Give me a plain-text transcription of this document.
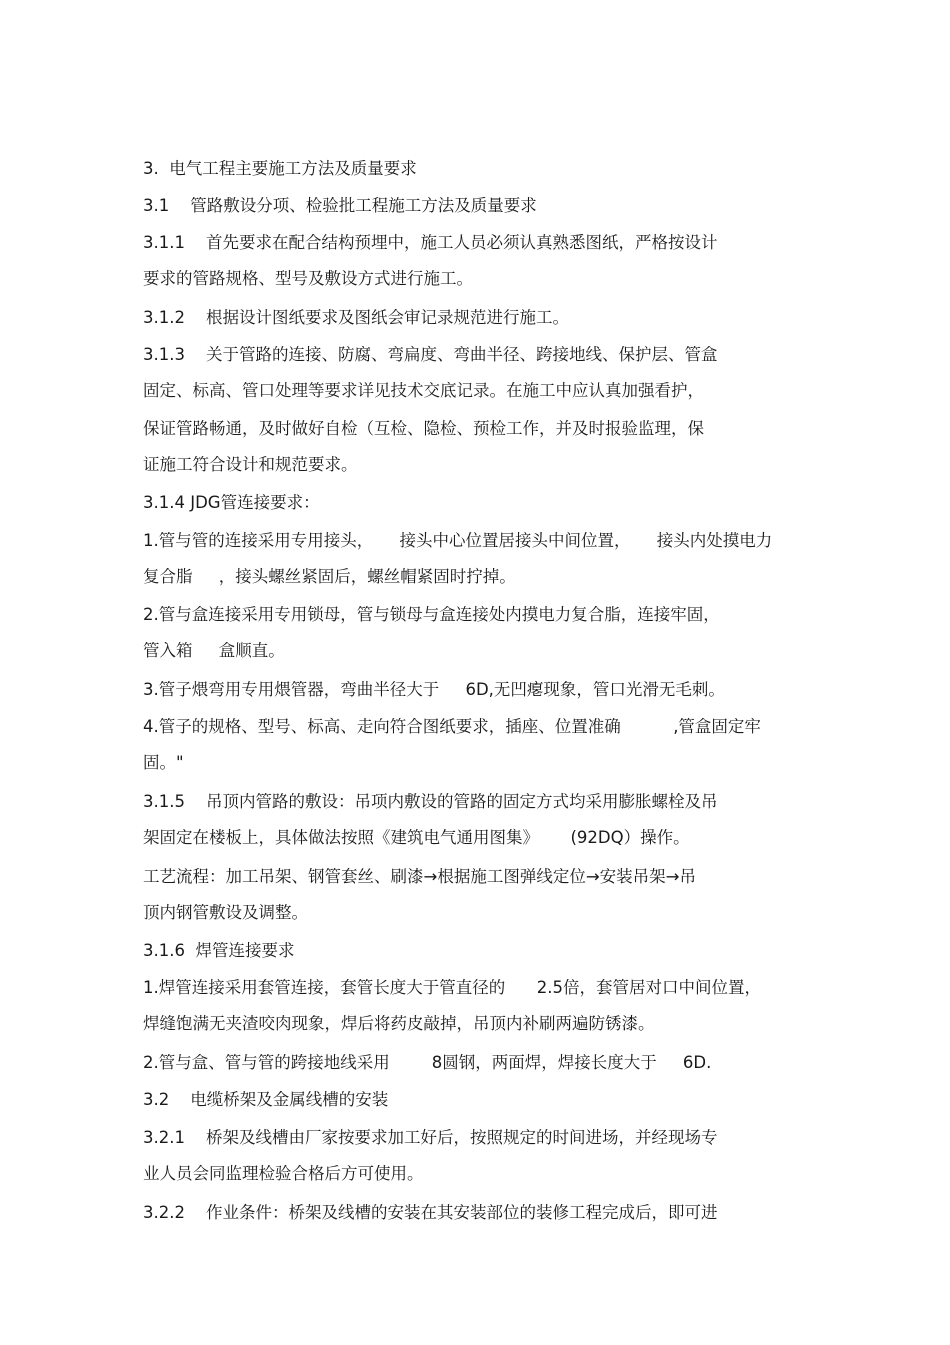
3.  电气工程主要施工方法及质量要求
3.1    管路敷设分项、检验批工程施工方法及质量要求
3.1.1    首先要求在配合结构预埋中，施工人员必须认真熟悉图纸，严格按设计
要求的管路规格、型号及敷设方式进行施工。
3.1.2    根据设计图纸要求及图纸会审记录规范进行施工。
3.1.3    关于管路的连接、防腐、弯扁度、弯曲半径、跨接地线、保护层、管盒
固定、标高、管口处理等要求详见技术交底记录。在施工中应认真加强看护，
保证管路畅通，及时做好自检（互检、隐检、预检工作，并及时报验监理，保
证施工符合设计和规范要求。
3.1.4 JDG管连接要求：
1.管与管的连接采用专用接头，     接头中心位置居接头中间位置，     接头内处摸电力
复合脂     ，接头螺丝紧固后，螺丝帽紧固时拧掉。
2.管与盒连接采用专用锁母，管与锁母与盒连接处内摸电力复合脂，连接牢固，
管入箱     盒顺直。
3.管子煨弯用专用煨管器，弯曲半径大于     6D,无凹瘪现象，管口光滑无毛刺。
4.管子的规格、型号、标高、走向符合图纸要求，插座、位置准确          ,管盒固定牢
固。"
3.1.5    吊顶内管路的敷设：吊项内敷设的管路的固定方式均采用膨胀螺栓及吊
架固定在楼板上，具体做法按照《建筑电气通用图集》      (92DQ）操作。
工艺流程：加工吊架、钢管套丝、刷漆→根据施工图弹线定位→安装吊架→吊
顶内钢管敷设及调整。
3.1.6  焊管连接要求
1.焊管连接采用套管连接，套管长度大于管直径的      2.5倍，套管居对口中间位置，
焊缝饱满无夹渣咬肉现象，焊后将药皮敲掉，吊顶内补刷两遍防锈漆。
2.管与盒、管与管的跨接地线采用        8圆钢，两面焊，焊接长度大于     6D.
3.2    电缆桥架及金属线槽的安装
3.2.1    桥架及线槽由厂家按要求加工好后，按照规定的时间进场，并经现场专
业人员会同监理检验合格后方可使用。
3.2.2    作业条件：桥架及线槽的安装在其安装部位的装修工程完成后，即可进
